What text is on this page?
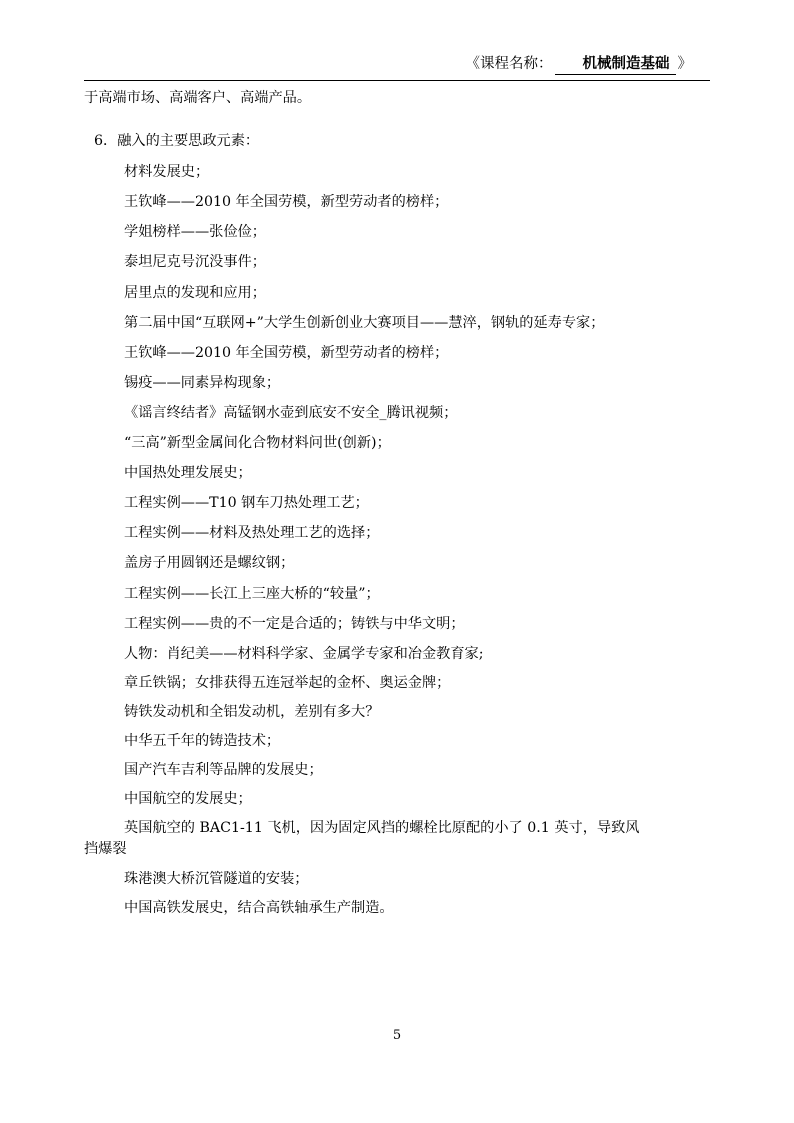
《课程名称：	机械制造基础 》

于高端市场、高端客户、高端产品。

6．融入的主要思政元素：

材料发展史；

王钦峰——2010 年全国劳模，新型劳动者的榜样；

学姐榜样——张俭俭；

泰坦尼克号沉没事件；

居里点的发现和应用；

第二届中国“互联网+”大学生创新创业大赛项目——慧淬，钢轨的延寿专家；

王钦峰——2010 年全国劳模，新型劳动者的榜样；

锡疫——同素异构现象；

《谣言终结者》高锰钢水壶到底安不安全_腾讯视频；

“三高”新型金属间化合物材料问世(创新)；

中国热处理发展史；

工程实例——T10 钢车刀热处理工艺；

工程实例——材料及热处理工艺的选择；

盖房子用圆钢还是螺纹钢；

工程实例——长江上三座大桥的“较量”；

工程实例——贵的不一定是合适的；铸铁与中华文明；

人物：肖纪美——材料科学家、金属学专家和冶金教育家;

章丘铁锅；女排获得五连冠举起的金杯、奥运金牌；

铸铁发动机和全铝发动机，差别有多大？

中华五千年的铸造技术；

国产汽车吉利等品牌的发展史；

中国航空的发展史；

英国航空的 BAC1-11 飞机，因为固定风挡的螺栓比原配的小了 0.1 英寸，导致风

挡爆裂

珠港澳大桥沉管隧道的安装；

中国高铁发展史，结合高铁轴承生产制造。

5
